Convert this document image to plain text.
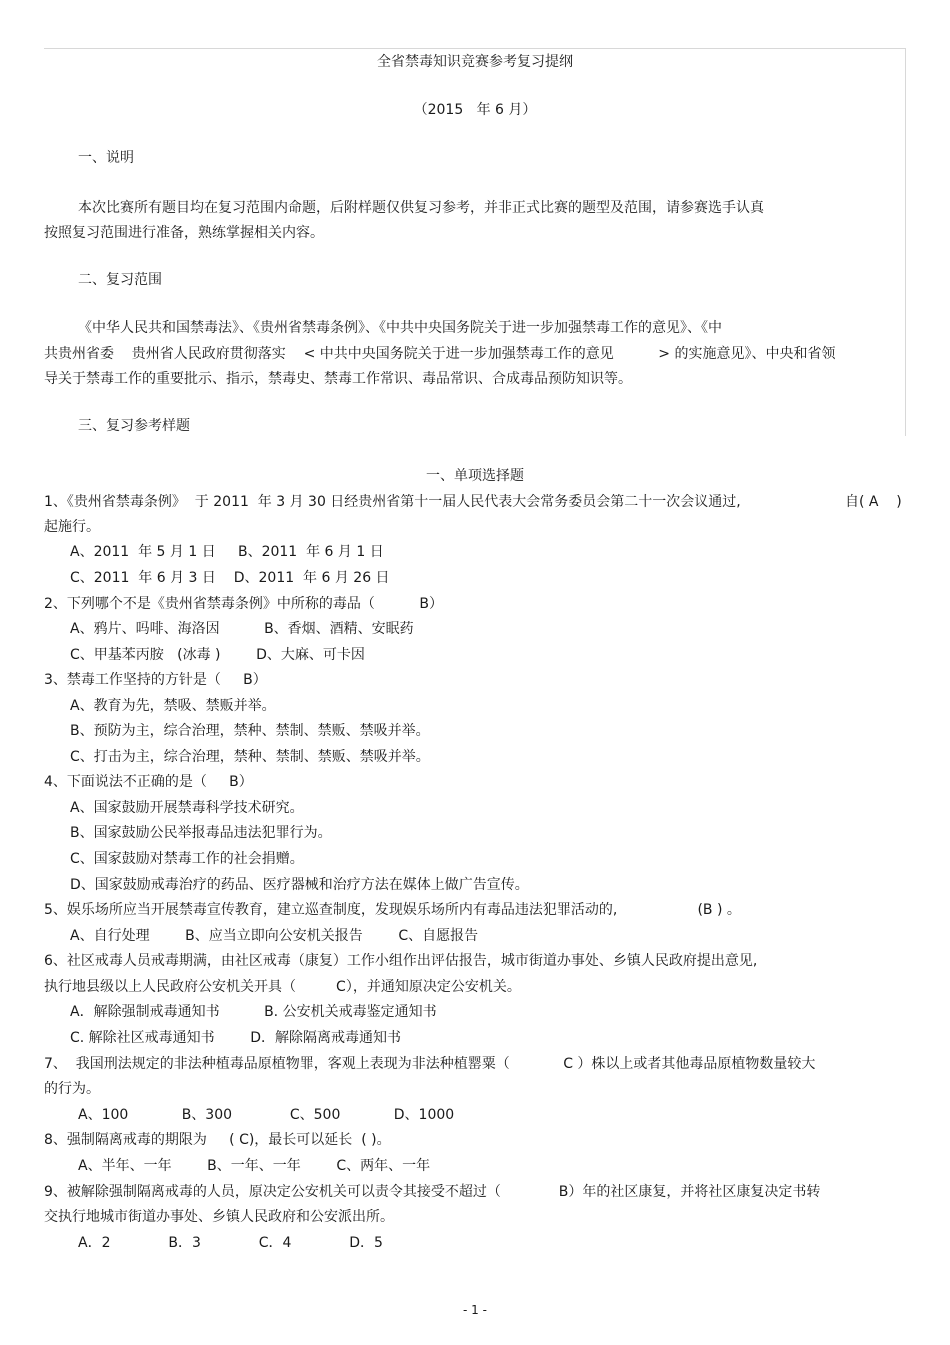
全省禁毒知识竞赛参考复习提纲
（2015   年 6 月）
一、说明
本次比赛所有题目均在复习范围内命题，后附样题仅供复习参考，并非正式比赛的题型及范围，请参赛选手认真
按照复习范围进行准备，熟练掌握相关内容。
二、复习范围
《中华人民共和国禁毒法》、《贵州省禁毒条例》、《中共中央国务院关于进一步加强禁毒工作的意见》、《中
共贵州省委    贵州省人民政府贯彻落实    < 中共中央国务院关于进一步加强禁毒工作的意见          > 的实施意见》、中央和省领
导关于禁毒工作的重要批示、指示，禁毒史、禁毒工作常识、毒品常识、合成毒品预防知识等。
三、复习参考样题
一、单项选择题
1、《贵州省禁毒条例》  于 2011  年 3 月 30 日经贵州省第十一届人民代表大会常务委员会第二十一次会议通过,	自( A    )
起施行。
A、2011  年 5 月 1 日     B、2011  年 6 月 1 日
C、2011  年 6 月 3 日    D、2011  年 6 月 26 日
2、下列哪个不是《贵州省禁毒条例》中所称的毒品（          B）
A、鸦片、吗啡、海洛因          B、香烟、酒精、安眠药
C、甲基苯丙胺   (冰毒 )        D、大麻、可卡因
3、禁毒工作坚持的方针是（     B）
A、教育为先，禁吸、禁贩并举。
B、预防为主，综合治理，禁种、禁制、禁贩、禁吸并举。
C、打击为主，综合治理，禁种、禁制、禁贩、禁吸并举。
4、下面说法不正确的是（     B）
A、国家鼓励开展禁毒科学技术研究。
B、国家鼓励公民举报毒品违法犯罪行为。
C、国家鼓励对禁毒工作的社会捐赠。
D、国家鼓励戒毒治疗的药品、医疗器械和治疗方法在媒体上做广告宣传。
5、娱乐场所应当开展禁毒宣传教育，建立巡查制度，发现娱乐场所内有毒品违法犯罪活动的,                  (B ) 。
A、自行处理        B、应当立即向公安机关报告        C、自愿报告
6、社区戒毒人员戒毒期满，由社区戒毒（康复）工作小组作出评估报告，城市街道办事处、乡镇人民政府提出意见,
执行地县级以上人民政府公安机关开具（         C），并通知原决定公安机关。
A．解除强制戒毒通知书          B. 公安机关戒毒鉴定通知书
C. 解除社区戒毒通知书        D．解除隔离戒毒通知书
7、  我国刑法规定的非法种植毒品原植物罪，客观上表现为非法种植罂粟（            C ）株以上或者其他毒品原植物数量较大
的行为。
A、100            B、300             C、500            D、1000
8、强制隔离戒毒的期限为     ( C)，最长可以延长  ( )。
A、半年、一年        B、一年、一年        C、两年、一年
9、被解除强制隔离戒毒的人员，原决定公安机关可以责令其接受不超过（             B）年的社区康复，并将社区康复决定书转
交执行地城市街道办事处、乡镇人民政府和公安派出所。
A．2             B．3             C．4             D．5
- 1 -
